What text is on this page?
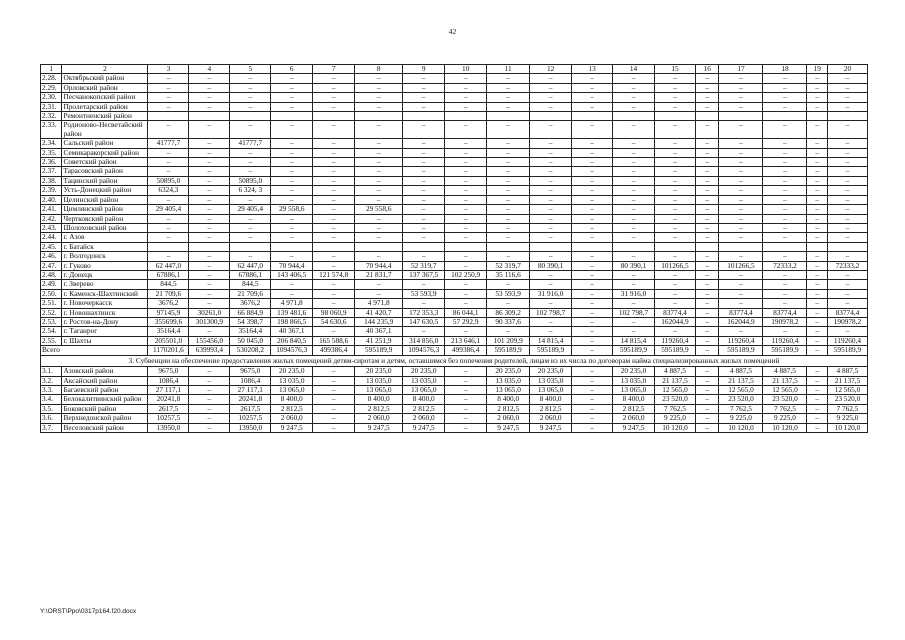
42
1	2	3	4	5	6	7	8	9	10	11	12	13	14	15	16	17	18	19	20
2.28.	Октябрьский район	–	–	–	–	–	–	–	–	–	–	–	–	–	–	–	–	–	–
2.29.	Орловский район	–	–	–	–	–	–	–	–	–	–	–	–	–	–	–	–	–	–
2.30.	Песчанокопский район	–	–	–	–	–	–	–	–	–	–	–	–	–	–	–	–	–	–
2.31.	Пролетарский район	–	–	–	–	–	–	–	–	–	–	–	–	–	–	–	–	–	–
2.32.	Ремонтненский район																		
2.33.	Родионово-Несветайский район	–	–	–	–	–	–	–	–	–	–	–	–	–	–	–	–	–	–
2.34.	Сальский район	41777,7	–	41777,7	–	–	–	–	–	–	–	–	–	–	–	–	–	–	–
2.35.	Семикаракорский район	–	–	–	–	–	–	–	–	–	–	–	–	–	–	–	–	–	–
2.36.	Советский район	–	–	–	–	–	–	–	–	–	–	–	–	–	–	–	–	–	–
2.37.	Тарасовский район	–	–	–	–	–	–	–	–	–	–	–	–	–	–	–	–	–	–
2.38.	Тацинский район	50895,0	–	50895,0	–	–	–	–	–	–	–	–	–	–	–	–	–	–	–
2.39.	Усть-Донецкий район	6324,3	–	6 324, 3	–	–	–	–	–	–	–	–	–	–	–	–	–	–	–
2.40.	Целинский район	–	–	–	–	–	–	–	–	–	–	–	–	–	–	–	–	–	–
2.41.	Цимлянский район	29 405,4	–	29 405,4	29 558,6	–	29 558,6	–	–	–	–	–	–	–	–	–	–	–	–
2.42.	Чертковский район	–	–	–	–	–	–	–	–	–	–	–	–	–	–	–	–	–	–
2.43.	Шолоховский район	–	–	–	–	–	–	–	–	–	–	–	–	–	–	–	–	–	–
2.44.	г. Азов	–	–	–	–	–	–	–	–	–	–	–	–	–	–	–	–	–	–
2.45.	г. Батайск																		
2.46.	г. Волгодонск	–	–	–	–	–	–	–	–	–	–	–	–	–	–	–	–	–	–
2.47.	г. Гуково	62 447,0	–	62 447,0	70 944,4	–	70 944,4	52 319,7	–	52 319,7	80 390,1	–	80 390,1	101266,5	–	101266,5	72333,2	–	72333,2
2.48.	г. Донецк	67886,1	–	67886,1	143 406,5	121 574,8	21 831,7	137 367,5	102 250,9	35 116,6	–	–	–	–	–	–	–	–	–
2.49.	г. Зверево	844,5	–	844,5	–	–	–	–	–	–	–	–	–	–	–	–	–	–	–
2.50.	г. Каменск-Шахтинский	21 709,6	–	21 709,6	–	–	–	53 593,9	–	53 593,9	31 916,0	–	31 916,0	–	–	–	–	–	–
2.51.	г. Новочеркасск	3676,2	–	3676,2	4 971,8	–	4 971,8	–	–	–	–	–	–	–	–	–	–	–	–
2.52.	г. Новошахтинск	97145,9	30261,0	66 884,9	139 481,6	98 060,9	41 420,7	172 353,3	86 044,1	86 309,2	102 798,7	–	102 798,7	83774,4	–	83774,4	83774,4	–	83774,4
2.53.	г. Ростов-на-Дону	355699,6	301300,9	54 398,7	198 866,5	54 630,6	144 235,9	147 630,5	57 292,9	90 337,6	–	–	–	162044,9	–	162044,9	190978,2	–	190978,2
2.54.	г. Таганрог	35164,4	–	35164,4	40 367,1	–	40 367,1	–	–	–	–	–	–	–	–	–	–	–	–
2.55.	г. Шахты	205501,0	155456,0	50 045,0	206 840,5	165 588,6	41 251,9	314 856,0	213 646,1	101 209,9	14 815,4	–	14 815,4	119260,4	–	119260,4	119260,4	–	119260,4
Всего		1170201,6	639993,4	530208,2	1094576,3	499386,4	595189,9	1094576,3	499386,4	595189,9	595189,9	–	595189,9	595189,9	–	595189,9	595189,9	–	595189,9
3. Субвенции на обеспечение предоставления жилых помещений детям-сиротам и детям, оставшимся без попечения родителей, лицам из их числа по договорам найма специализированных жилых помещений																			
3.1.	Азовский район	9675,0	–	9675,0	20 235,0	–	20 235,0	20 235,0	–	20 235,0	20 235,0	–	20 235,0	4 887,5	–	4 887,5	4 887,5	–	4 887,5
3.2.	Аксайский район	1086,4	–	1086,4	13 035,0	–	13 035,0	13 035,0	–	13 035,0	13 035,0	–	13 035,0	21 137,5	–	21 137,5	21 137,5	–	21 137,5
3.3.	Багаевский район	27 117,1	–	27 117,1	13 065,0	–	13 065,0	13 065,0	–	13 065,0	13 065,0	–	13 065,0	12 565,0	–	12 565,0	12 565,0	–	12 565,0
3.4.	Белокалитвинский район	20241,8	–	20241,8	8 400,0	–	8 400,0	8 400,0	–	8 400,0	8 400,0	–	8 400,0	23 520,0	–	23 520,0	23 520,0	–	23 520,0
3.5.	Боковский район	2617,5	–	2617,5	2 812,5	–	2 812,5	2 812,5	–	2 812,5	2 812,5	–	2 812,5	7 762,5	–	7 762,5	7 762,5	–	7 762,5
3.6.	Верхнедонской район	10257,5	–	10257,5	2 060,0	–	2 060,0	2 060,0	–	2 060,0	2 060,0	–	2 060,0	9 225,0	–	9 225,0	9 225,0	–	9 225,0
3.7.	Веселовский район	13950,0	–	13950,0	9 247,5	–	9 247,5	9 247,5	–	9 247,5	9 247,5	–	9 247,5	10 120,0	–	10 120,0	10 120,0	–	10 120,0
Y:\ORST\Ppo\0317p164.f20.docx
